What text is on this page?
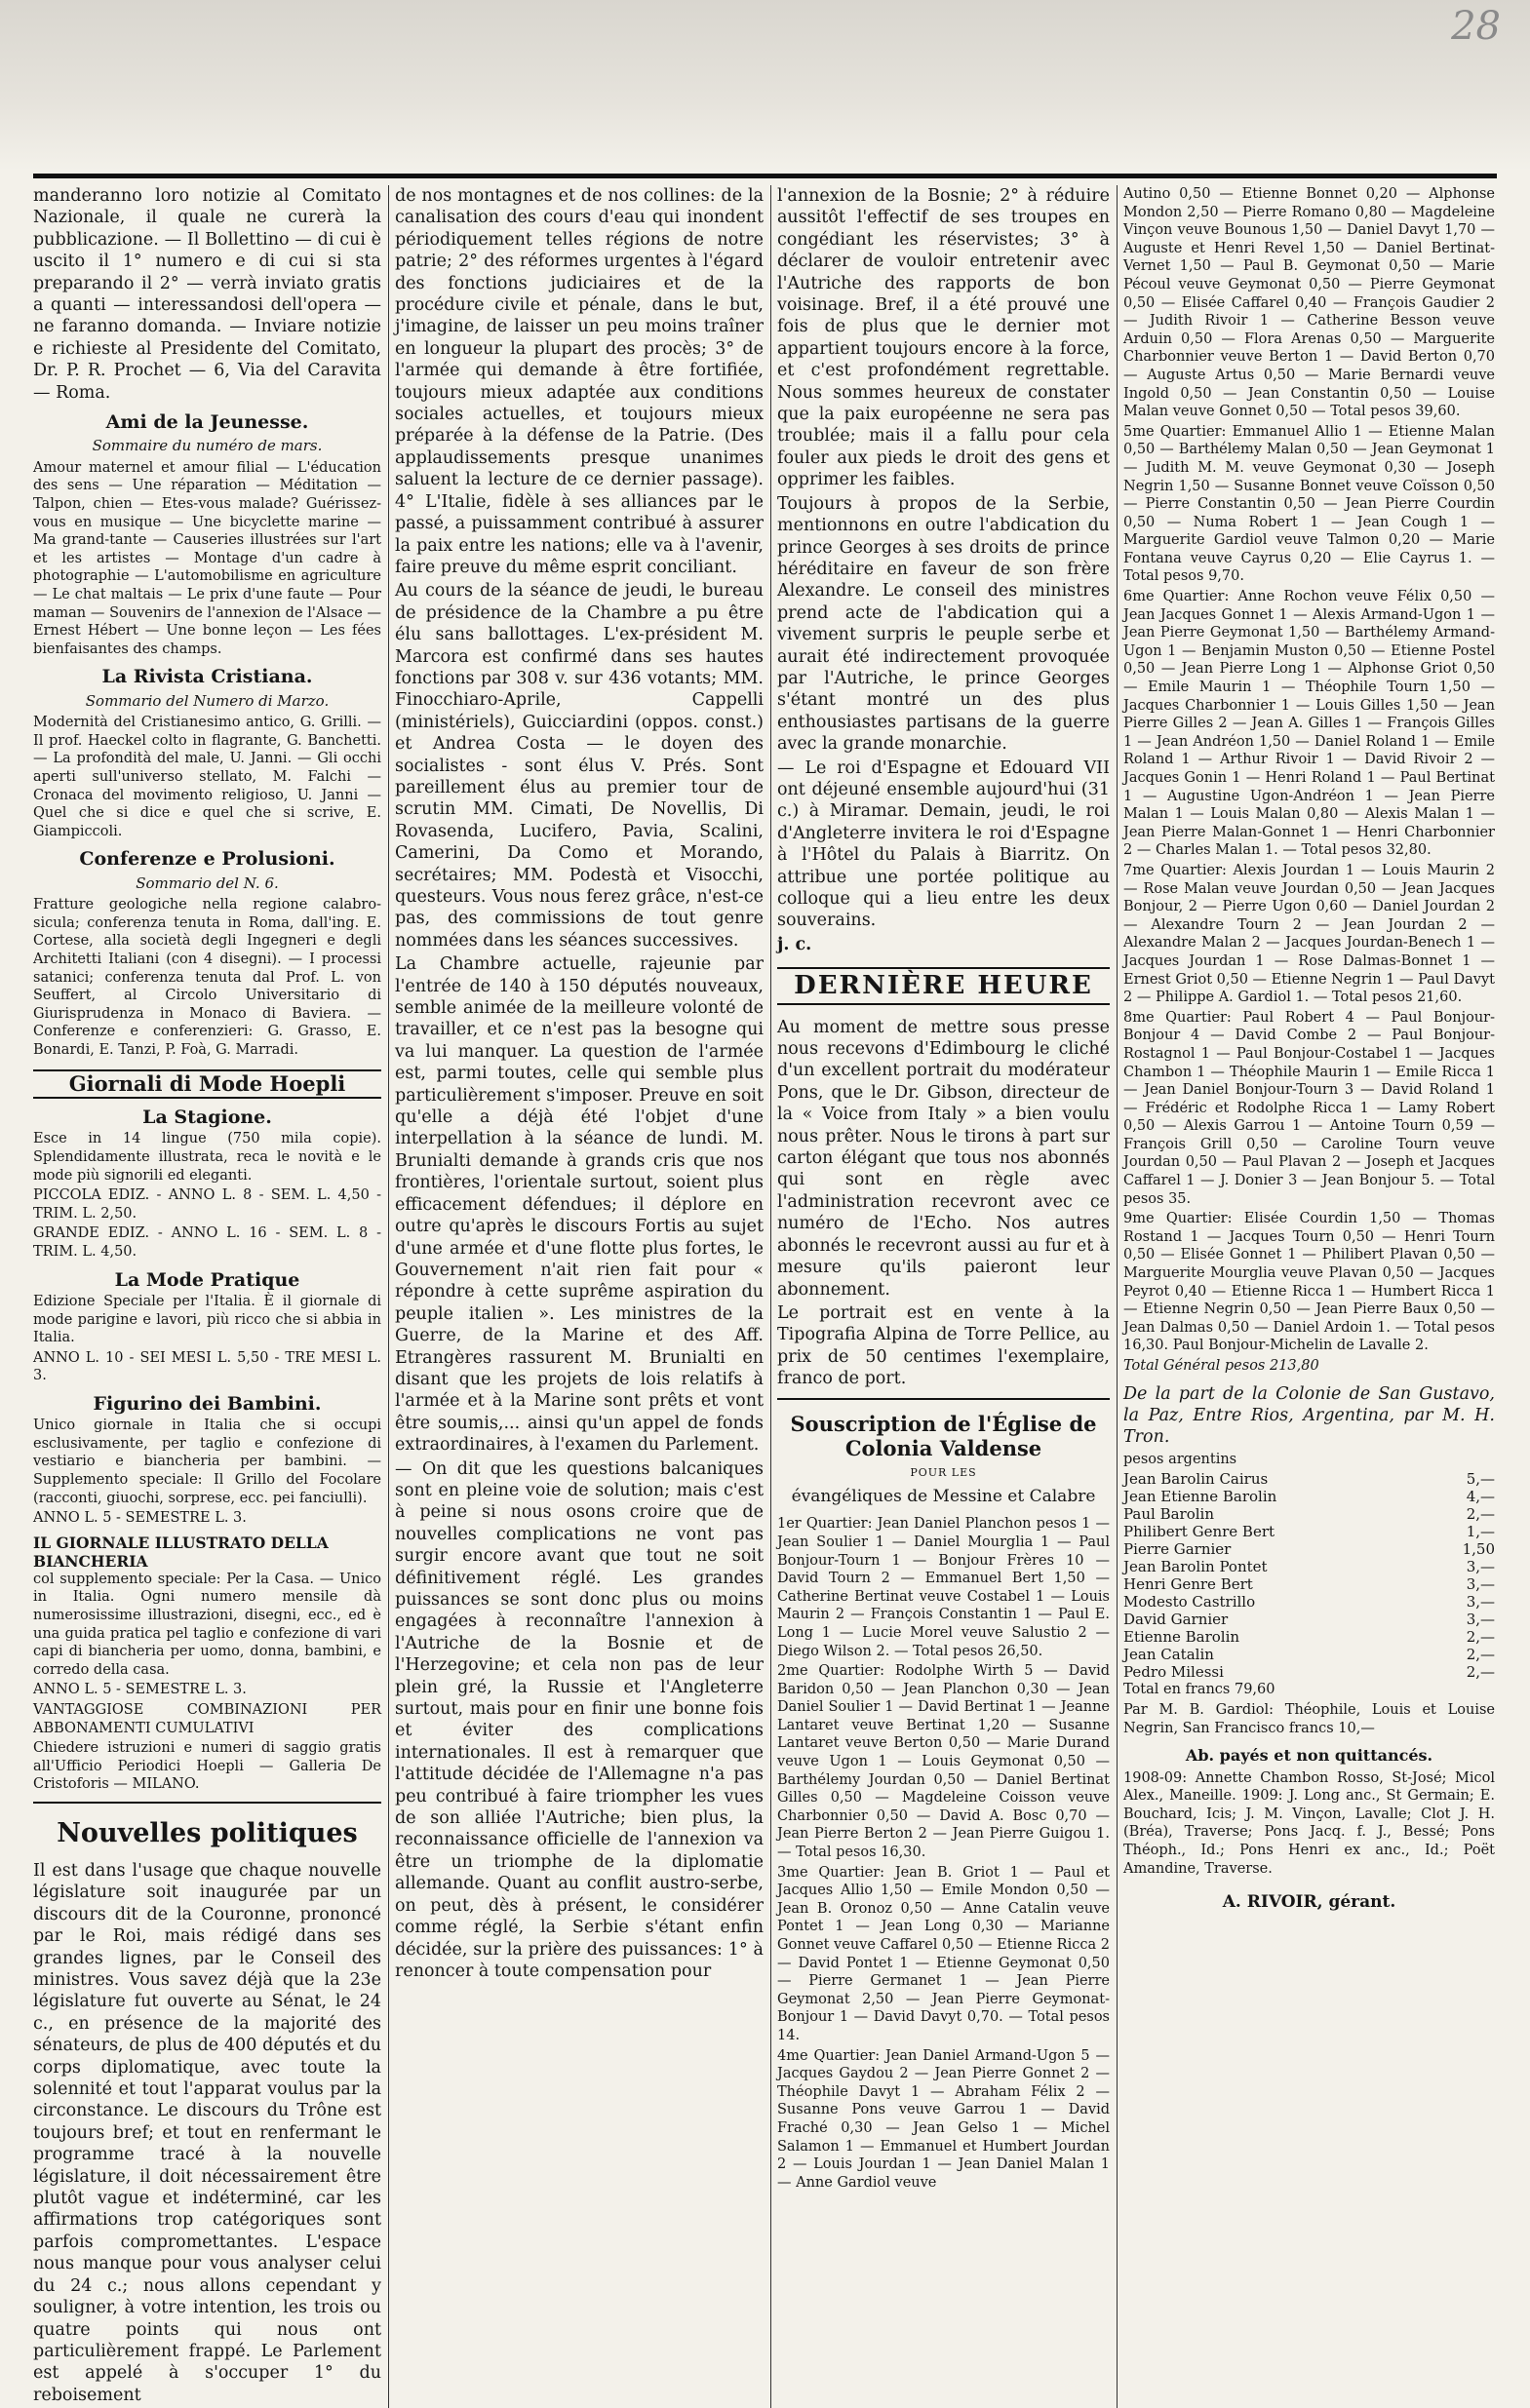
28

manderanno loro notizie al Comitato Nazionale, il quale ne curerà la pubblicazione. — Il Bollettino — di cui è uscito il 1° numero e di cui si sta preparando il 2° — verrà inviato gratis a quanti — interessandosi dell'opera — ne faranno domanda. — Inviare notizie e richieste al Presidente del Comitato, Dr. P. R. Prochet — 6, Via del Caravita — Roma.

Ami de la Jeunesse.
Sommaire du numéro de mars.

Amour maternel et amour filial — L'éducation des sens — Une réparation — Méditation — Talpon, chien — Etes-vous malade? Guérissez-vous en musique — Une bicyclette marine — Ma grand-tante — Causeries illustrées sur l'art et les artistes — Montage d'un cadre à photographie — L'automobilisme en agriculture — Le chat maltais — Le prix d'une faute — Pour maman — Souvenirs de l'annexion de l'Alsace — Ernest Hébert — Une bonne leçon — Les fées bienfaisantes des champs.

La Rivista Cristiana.
Sommario del Numero di Marzo.

Modernità del Cristianesimo antico, G. Grilli. — Il prof. Haeckel colto in flagrante, G. Banchetti. — La profondità del male, U. Janni. — Gli occhi aperti sull'universo stellato, M. Falchi — Cronaca del movimento religioso, U. Janni — Quel che si dice e quel che si scrive, E. Giampiccoli.

Conferenze e Prolusioni.
Sommario del N. 6.

Fratture geologiche nella regione calabro-sicula; conferenza tenuta in Roma, dall'ing. E. Cortese, alla società degli Ingegneri e degli Architetti Italiani (con 4 disegni). — I processi satanici; conferenza tenuta dal Prof. L. von Seuffert, al Circolo Universitario di Giurisprudenza in Monaco di Baviera. — Conferenze e conferenzieri: G. Grasso, E. Bonardi, E. Tanzi, P. Foà, G. Marradi.

Giornali di Mode Hoepli
La Stagione.

Esce in 14 lingue (750 mila copie). Splendidamente illustrata, reca le novità e le mode più signorili ed eleganti.

PICCOLA EDIZ. - ANNO L. 8 - SEM. L. 4,50 - TRIM. L. 2,50.

GRANDE EDIZ. - ANNO L. 16 - SEM. L. 8 - TRIM. L. 4,50.

La Mode Pratique

Edizione Speciale per l'Italia. È il giornale di mode parigine e lavori, più ricco che si abbia in Italia.

ANNO L. 10 - SEI MESI L. 5,50 - TRE MESI L. 3.

Figurino dei Bambini.

Unico giornale in Italia che si occupi esclusivamente, per taglio e confezione di vestiario e biancheria per bambini. — Supplemento speciale: Il Grillo del Focolare (racconti, giuochi, sorprese, ecc. pei fanciulli).

ANNO L. 5 - SEMESTRE L. 3.

IL GIORNALE ILLUSTRATO DELLA BIANCHERIA

col supplemento speciale: Per la Casa. — Unico in Italia. Ogni numero mensile dà numerosissime illustrazioni, disegni, ecc., ed è una guida pratica pel taglio e confezione di vari capi di biancheria per uomo, donna, bambini, e corredo della casa.

ANNO L. 5 - SEMESTRE L. 3.

VANTAGGIOSE COMBINAZIONI PER ABBONAMENTI CUMULATIVI

Chiedere istruzioni e numeri di saggio gratis all'Ufficio Periodici Hoepli — Galleria De Cristoforis — MILANO.

Nouvelles politiques

Il est dans l'usage que chaque nouvelle législature soit inaugurée par un discours dit de la Couronne, prononcé par le Roi, mais rédigé dans ses grandes lignes, par le Conseil des ministres. Vous savez déjà que la 23e législature fut ouverte au Sénat, le 24 c., en présence de la majorité des sénateurs, de plus de 400 députés et du corps diplomatique, avec toute la solennité et tout l'apparat voulus par la circonstance. Le discours du Trône est toujours bref; et tout en renfermant le programme tracé à la nouvelle législature, il doit nécessairement être plutôt vague et indéterminé, car les affirmations trop catégoriques sont parfois compromettantes. L'espace nous manque pour vous analyser celui du 24 c.; nous allons cependant y souligner, à votre intention, les trois ou quatre points qui nous ont particulièrement frappé. Le Parlement est appelé à s'occuper 1° du reboisement

de nos montagnes et de nos collines: de la canalisation des cours d'eau qui inondent périodiquement telles régions de notre patrie; 2° des réformes urgentes à l'égard des fonctions judiciaires et de la procédure civile et pénale, dans le but, j'imagine, de laisser un peu moins traîner en longueur la plupart des procès; 3° de l'armée qui demande à être fortifiée, toujours mieux adaptée aux conditions sociales actuelles, et toujours mieux préparée à la défense de la Patrie. (Des applaudissements presque unanimes saluent la lecture de ce dernier passage). 4° L'Italie, fidèle à ses alliances par le passé, a puissamment contribué à assurer la paix entre les nations; elle va à l'avenir, faire preuve du même esprit conciliant.

Au cours de la séance de jeudi, le bureau de présidence de la Chambre a pu être élu sans ballottages. L'ex-président M. Marcora est confirmé dans ses hautes fonctions par 308 v. sur 436 votants; MM. Finocchiaro-Aprile, Cappelli (ministériels), Guicciardini (oppos. const.) et Andrea Costa — le doyen des socialistes - sont élus V. Prés. Sont pareillement élus au premier tour de scrutin MM. Cimati, De Novellis, Di Rovasenda, Lucifero, Pavia, Scalini, Camerini, Da Como et Morando, secrétaires; MM. Podestà et Visocchi, questeurs. Vous nous ferez grâce, n'est-ce pas, des commissions de tout genre nommées dans les séances successives.

La Chambre actuelle, rajeunie par l'entrée de 140 à 150 députés nouveaux, semble animée de la meilleure volonté de travailler, et ce n'est pas la besogne qui va lui manquer. La question de l'armée est, parmi toutes, celle qui semble plus particulièrement s'imposer. Preuve en soit qu'elle a déjà été l'objet d'une interpellation à la séance de lundi. M. Brunialti demande à grands cris que nos frontières, l'orientale surtout, soient plus efficacement défendues; il déplore en outre qu'après le discours Fortis au sujet d'une armée et d'une flotte plus fortes, le Gouvernement n'ait rien fait pour « répondre à cette suprême aspiration du peuple italien ». Les ministres de la Guerre, de la Marine et des Aff. Etrangères rassurent M. Brunialti en disant que les projets de lois relatifs à l'armée et à la Marine sont prêts et vont être soumis,... ainsi qu'un appel de fonds extraordinaires, à l'examen du Parlement.

— On dit que les questions balcaniques sont en pleine voie de solution; mais c'est à peine si nous osons croire que de nouvelles complications ne vont pas surgir encore avant que tout ne soit définitivement réglé. Les grandes puissances se sont donc plus ou moins engagées à reconnaître l'annexion à l'Autriche de la Bosnie et de l'Herzegovine; et cela non pas de leur plein gré, la Russie et l'Angleterre surtout, mais pour en finir une bonne fois et éviter des complications internationales. Il est à remarquer que l'attitude décidée de l'Allemagne n'a pas peu contribué à faire triompher les vues de son alliée l'Autriche; bien plus, la reconnaissance officielle de l'annexion va être un triomphe de la diplomatie allemande. Quant au conflit austro-serbe, on peut, dès à présent, le considérer comme réglé, la Serbie s'étant enfin décidée, sur la prière des puissances: 1° à renoncer à toute compensation pour

l'annexion de la Bosnie; 2° à réduire aussitôt l'effectif de ses troupes en congédiant les réservistes; 3° à déclarer de vouloir entretenir avec l'Autriche des rapports de bon voisinage. Bref, il a été prouvé une fois de plus que le dernier mot appartient toujours encore à la force, et c'est profondément regrettable. Nous sommes heureux de constater que la paix européenne ne sera pas troublée; mais il a fallu pour cela fouler aux pieds le droit des gens et opprimer les faibles.

Toujours à propos de la Serbie, mentionnons en outre l'abdication du prince Georges à ses droits de prince héréditaire en faveur de son frère Alexandre. Le conseil des ministres prend acte de l'abdication qui a vivement surpris le peuple serbe et aurait été indirectement provoquée par l'Autriche, le prince Georges s'étant montré un des plus enthousiastes partisans de la guerre avec la grande monarchie.

— Le roi d'Espagne et Edouard VII ont déjeuné ensemble aujourd'hui (31 c.) à Miramar. Demain, jeudi, le roi d'Angleterre invitera le roi d'Espagne à l'Hôtel du Palais à Biarritz. On attribue une portée politique au colloque qui a lieu entre les deux souverains.

j. c.

DERNIÈRE HEURE

Au moment de mettre sous presse nous recevons d'Edimbourg le cliché d'un excellent portrait du modérateur Pons, que le Dr. Gibson, directeur de la « Voice from Italy » a bien voulu nous prêter. Nous le tirons à part sur carton élégant que tous nos abonnés qui sont en règle avec l'administration recevront avec ce numéro de l'Echo. Nos autres abonnés le recevront aussi au fur et à mesure qu'ils paieront leur abonnement.

Le portrait est en vente à la Tipografia Alpina de Torre Pellice, au prix de 50 centimes l'exemplaire, franco de port.

Souscription de l'Église de Colonia Valdense
POUR LES
évangéliques de Messine et Calabre

1er Quartier: Jean Daniel Planchon pesos 1 — Jean Soulier 1 — Daniel Mourglia 1 — Paul Bonjour-Tourn 1 — Bonjour Frères 10 — David Tourn 2 — Emmanuel Bert 1,50 — Catherine Bertinat veuve Costabel 1 — Louis Maurin 2 — François Constantin 1 — Paul E. Long 1 — Lucie Morel veuve Salustio 2 — Diego Wilson 2. — Total pesos 26,50.

2me Quartier: Rodolphe Wirth 5 — David Baridon 0,50 — Jean Planchon 0,30 — Jean Daniel Soulier 1 — David Bertinat 1 — Jeanne Lantaret veuve Bertinat 1,20 — Susanne Lantaret veuve Berton 0,50 — Marie Durand veuve Ugon 1 — Louis Geymonat 0,50 — Barthélemy Jourdan 0,50 — Daniel Bertinat Gilles 0,50 — Magdeleine Coisson veuve Charbonnier 0,50 — David A. Bosc 0,70 — Jean Pierre Berton 2 — Jean Pierre Guigou 1. — Total pesos 16,30.

3me Quartier: Jean B. Griot 1 — Paul et Jacques Allio 1,50 — Emile Mondon 0,50 — Jean B. Oronoz 0,50 — Anne Catalin veuve Pontet 1 — Jean Long 0,30 — Marianne Gonnet veuve Caffarel 0,50 — Etienne Ricca 2 — David Pontet 1 — Etienne Geymonat 0,50 — Pierre Germanet 1 — Jean Pierre Geymonat 2,50 — Jean Pierre Geymonat-Bonjour 1 — David Davyt 0,70. — Total pesos 14.

4me Quartier: Jean Daniel Armand-Ugon 5 — Jacques Gaydou 2 — Jean Pierre Gonnet 2 — Théophile Davyt 1 — Abraham Félix 2 — Susanne Pons veuve Garrou 1 — David Fraché 0,30 — Jean Gelso 1 — Michel Salamon 1 — Emmanuel et Humbert Jourdan 2 — Louis Jourdan 1 — Jean Daniel Malan 1 — Anne Gardiol veuve

Autino 0,50 — Etienne Bonnet 0,20 — Alphonse Mondon 2,50 — Pierre Romano 0,80 — Magdeleine Vinçon veuve Bounous 1,50 — Daniel Davyt 1,70 — Auguste et Henri Revel 1,50 — Daniel Bertinat-Vernet 1,50 — Paul B. Geymonat 0,50 — Marie Pécoul veuve Geymonat 0,50 — Pierre Geymonat 0,50 — Elisée Caffarel 0,40 — François Gaudier 2 — Judith Rivoir 1 — Catherine Besson veuve Arduin 0,50 — Flora Arenas 0,50 — Marguerite Charbonnier veuve Berton 1 — David Berton 0,70 — Auguste Artus 0,50 — Marie Bernardi veuve Ingold 0,50 — Jean Constantin 0,50 — Louise Malan veuve Gonnet 0,50 — Total pesos 39,60.

5me Quartier: Emmanuel Allio 1 — Etienne Malan 0,50 — Barthélemy Malan 0,50 — Jean Geymonat 1 — Judith M. M. veuve Geymonat 0,30 — Joseph Negrin 1,50 — Susanne Bonnet veuve Coïsson 0,50 — Pierre Constantin 0,50 — Jean Pierre Courdin 0,50 — Numa Robert 1 — Jean Cough 1 — Marguerite Gardiol veuve Talmon 0,20 — Marie Fontana veuve Cayrus 0,20 — Elie Cayrus 1. — Total pesos 9,70.

6me Quartier: Anne Rochon veuve Félix 0,50 — Jean Jacques Gonnet 1 — Alexis Armand-Ugon 1 — Jean Pierre Geymonat 1,50 — Barthélemy Armand-Ugon 1 — Benjamin Muston 0,50 — Etienne Postel 0,50 — Jean Pierre Long 1 — Alphonse Griot 0,50 — Emile Maurin 1 — Théophile Tourn 1,50 — Jacques Charbonnier 1 — Louis Gilles 1,50 — Jean Pierre Gilles 2 — Jean A. Gilles 1 — François Gilles 1 — Jean Andréon 1,50 — Daniel Roland 1 — Emile Roland 1 — Arthur Rivoir 1 — David Rivoir 2 — Jacques Gonin 1 — Henri Roland 1 — Paul Bertinat 1 — Augustine Ugon-Andréon 1 — Jean Pierre Malan 1 — Louis Malan 0,80 — Alexis Malan 1 — Jean Pierre Malan-Gonnet 1 — Henri Charbonnier 2 — Charles Malan 1. — Total pesos 32,80.

7me Quartier: Alexis Jourdan 1 — Louis Maurin 2 — Rose Malan veuve Jourdan 0,50 — Jean Jacques Bonjour, 2 — Pierre Ugon 0,60 — Daniel Jourdan 2 — Alexandre Tourn 2 — Jean Jourdan 2 — Alexandre Malan 2 — Jacques Jourdan-Benech 1 — Jacques Jourdan 1 — Rose Dalmas-Bonnet 1 — Ernest Griot 0,50 — Etienne Negrin 1 — Paul Davyt 2 — Philippe A. Gardiol 1. — Total pesos 21,60.

8me Quartier: Paul Robert 4 — Paul Bonjour-Bonjour 4 — David Combe 2 — Paul Bonjour-Rostagnol 1 — Paul Bonjour-Costabel 1 — Jacques Chambon 1 — Théophile Maurin 1 — Emile Ricca 1 — Jean Daniel Bonjour-Tourn 3 — David Roland 1 — Frédéric et Rodolphe Ricca 1 — Lamy Robert 0,50 — Alexis Garrou 1 — Antoine Tourn 0,59 — François Grill 0,50 — Caroline Tourn veuve Jourdan 0,50 — Paul Plavan 2 — Joseph et Jacques Caffarel 1 — J. Donier 3 — Jean Bonjour 5. — Total pesos 35.

9me Quartier: Elisée Courdin 1,50 — Thomas Rostand 1 — Jacques Tourn 0,50 — Henri Tourn 0,50 — Elisée Gonnet 1 — Philibert Plavan 0,50 — Marguerite Mourglia veuve Plavan 0,50 — Jacques Peyrot 0,40 — Etienne Ricca 1 — Humbert Ricca 1 — Etienne Negrin 0,50 — Jean Pierre Baux 0,50 — Jean Dalmas 0,50 — Daniel Ardoin 1. — Total pesos 16,30. Paul Bonjour-Michelin de Lavalle 2.

Total Général pesos 213,80

De la part de la Colonie de San Gustavo, la Paz, Entre Rios, Argentina, par M. H. Tron.

pesos argentins

Jean Barolin Cairus	5,—
Jean Etienne Barolin	4,—
Paul Barolin	2,—
Philibert Genre Bert	1,—
Pierre Garnier	1,50
Jean Barolin Pontet	3,—
Henri Genre Bert	3,—
Modesto Castrillo	3,—
David Garnier	3,—
Etienne Barolin	2,—
Jean Catalin	2,—
Pedro Milessi	2,—

Total en francs 79,60

Par M. B. Gardiol: Théophile, Louis et Louise Negrin, San Francisco francs 10,—

Ab. payés et non quittancés.

1908-09: Annette Chambon Rosso, St-José; Micol Alex., Maneille. 1909: J. Long anc., St Germain; E. Bouchard, Icis; J. M. Vinçon, Lavalle; Clot J. H. (Bréa), Traverse; Pons Jacq. f. J., Bessé; Pons Théoph., Id.; Pons Henri ex anc., Id.; Poët Amandine, Traverse.

A. RIVOIR, gérant.
